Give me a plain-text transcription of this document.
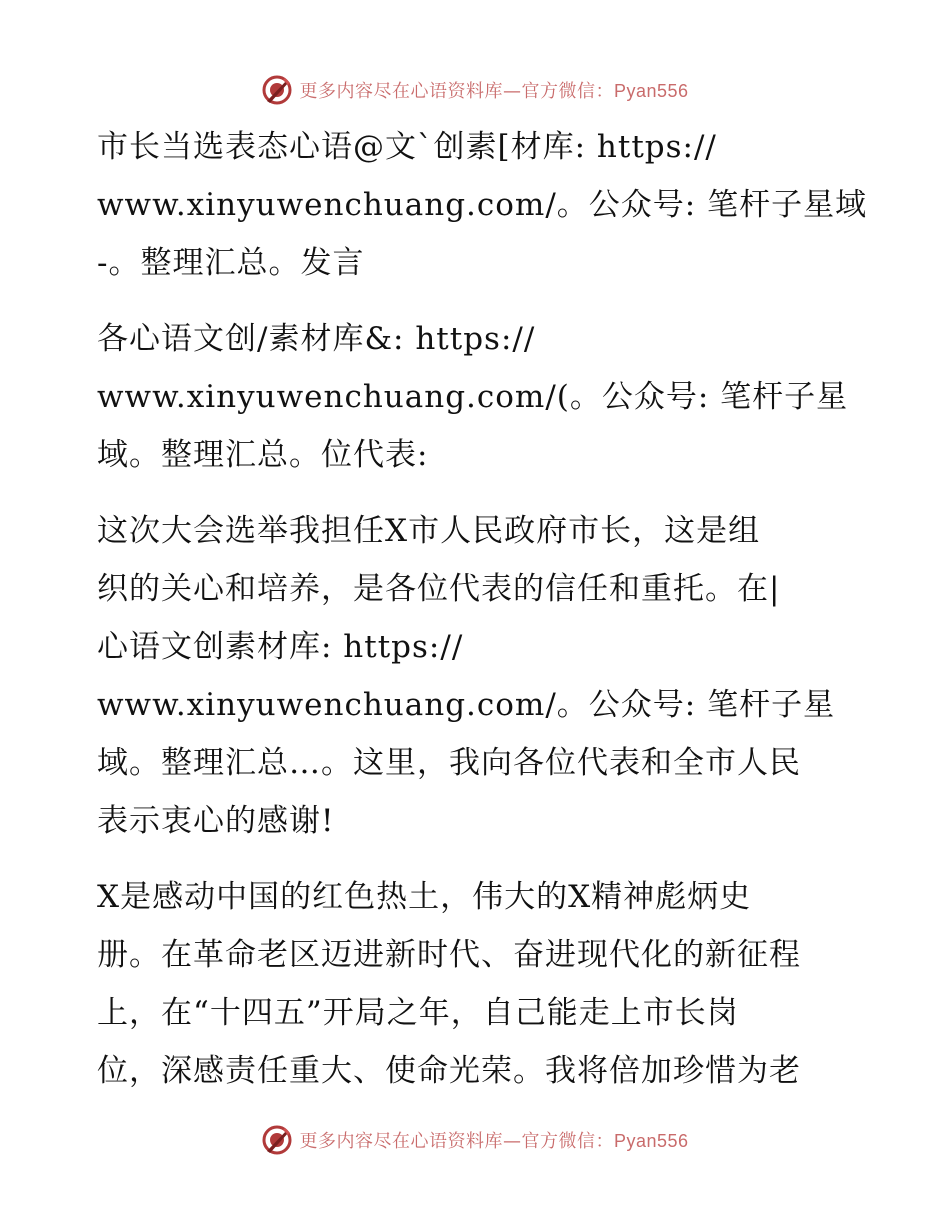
更多内容尽在心语资料库—官方微信：Pyan556
市长当选表态心语@文`创素[材库: https://
www.xinyuwenchuang.com/。公众号: 笔杆子星域
-。整理汇总。发言
各心语文创/素材库&: https://
www.xinyuwenchuang.com/(。公众号: 笔杆子星
域。整理汇总。位代表:
这次大会选举我担任X市人民政府市长，这是组
织的关心和培养，是各位代表的信任和重托。在|
心语文创素材库: https://
www.xinyuwenchuang.com/。公众号: 笔杆子星
域。整理汇总…。这里，我向各位代表和全市人民
表示衷心的感谢!
X是感动中国的红色热土，伟大的X精神彪炳史
册。在革命老区迈进新时代、奋进现代化的新征程
上，在“十四五”开局之年，自己能走上市长岗
位，深感责任重大、使命光荣。我将倍加珍惜为老
更多内容尽在心语资料库—官方微信：Pyan556
